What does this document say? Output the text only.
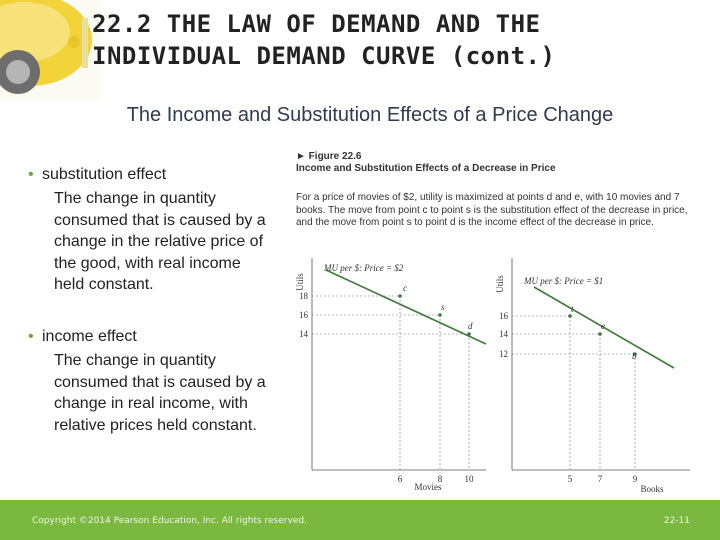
22.2 THE LAW OF DEMAND AND THE
INDIVIDUAL DEMAND CURVE (cont.)
The Income and Substitution Effects of a Price Change
• substitution effect
The change in quantity consumed that is caused by a change in the relative price of the good, with real income held constant.
• income effect
The change in quantity consumed that is caused by a change in real income, with relative prices held constant.
► Figure 22.6
Income and Substitution Effects of a Decrease in Price
For a price of movies of $2, utility is maximized at points d and e, with 10 movies and 7 books. The move from point c to point s is the substitution effect of the decrease in price, and the move from point s to point d is the income effect of the decrease in price.
MU per $: Price = $2
Utils
Movies
c
6
18
s
8
16
d
10
14
MU per $: Price = $1
Utils
Books
t
5
16
e
7
14
b
9
12
Copyright ©2014 Pearson Education, Inc. All rights reserved.	22-11
